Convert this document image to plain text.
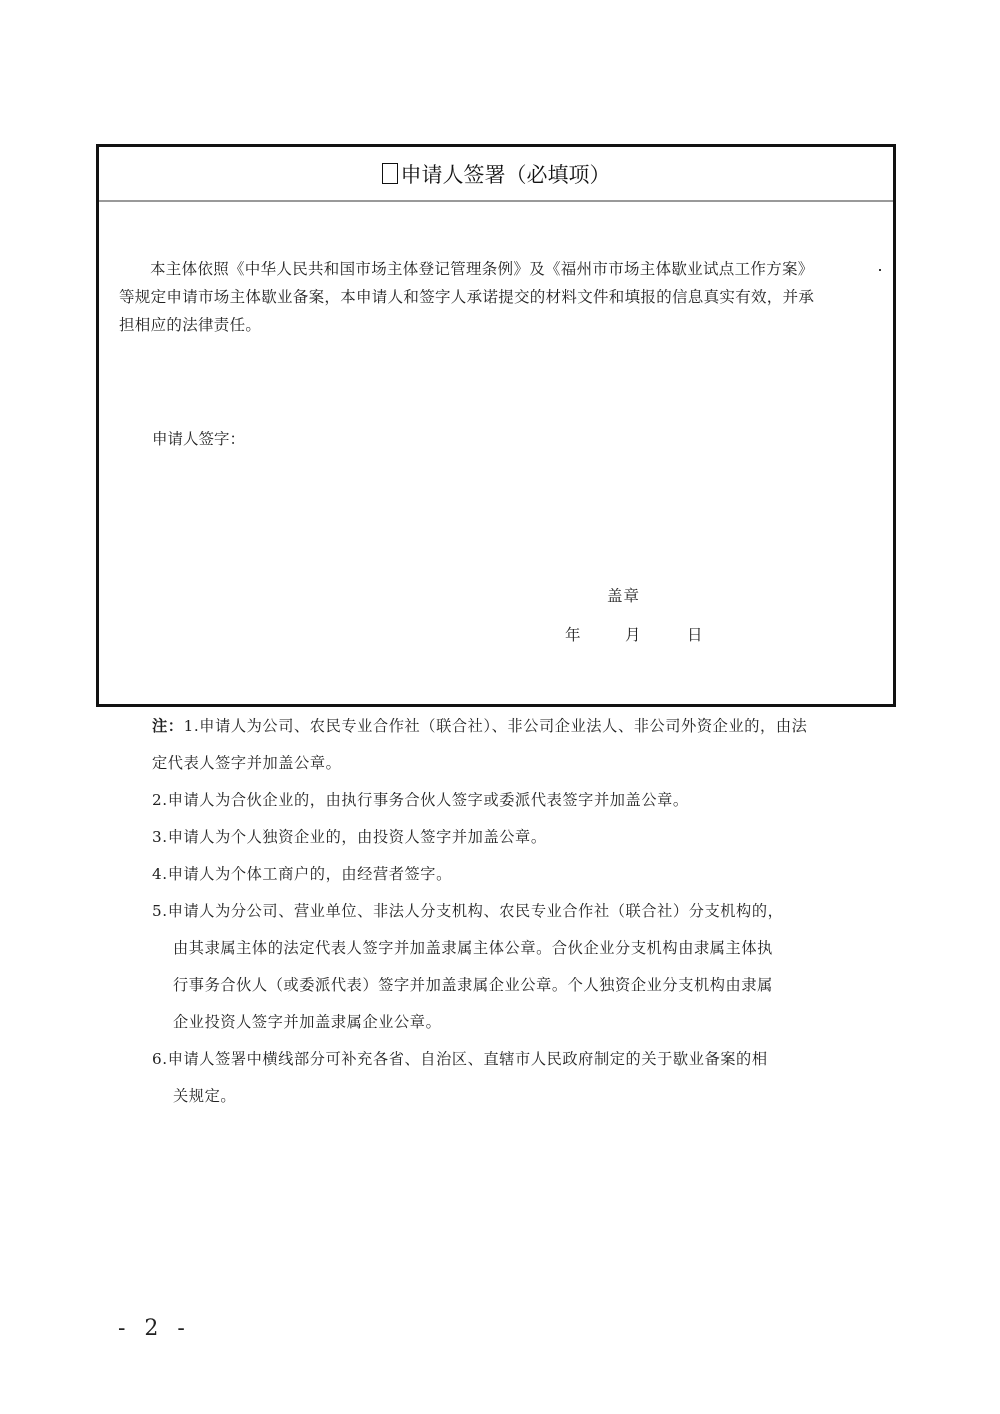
申请人签署（必填项）

本主体依照《中华人民共和国市场主体登记管理条例》及《福州市市场主体歇业试点工作方案》

等规定申请市场主体歇业备案，本申请人和签字人承诺提交的材料文件和填报的信息真实有效，并承

担相应的法律责任。

申请人签字：
盖章
年	月	日
注：1.申请人为公司、农民专业合作社（联合社）、非公司企业法人、非公司外资企业的，由法
定代表人签字并加盖公章。
2.申请人为合伙企业的，由执行事务合伙人签字或委派代表签字并加盖公章。
3.申请人为个人独资企业的，由投资人签字并加盖公章。
4.申请人为个体工商户的，由经营者签字。
5.申请人为分公司、营业单位、非法人分支机构、农民专业合作社（联合社）分支机构的，
由其隶属主体的法定代表人签字并加盖隶属主体公章。合伙企业分支机构由隶属主体执
行事务合伙人（或委派代表）签字并加盖隶属企业公章。个人独资企业分支机构由隶属
企业投资人签字并加盖隶属企业公章。
6.申请人签署中横线部分可补充各省、自治区、直辖市人民政府制定的关于歇业备案的相
关规定。
- 2 -
